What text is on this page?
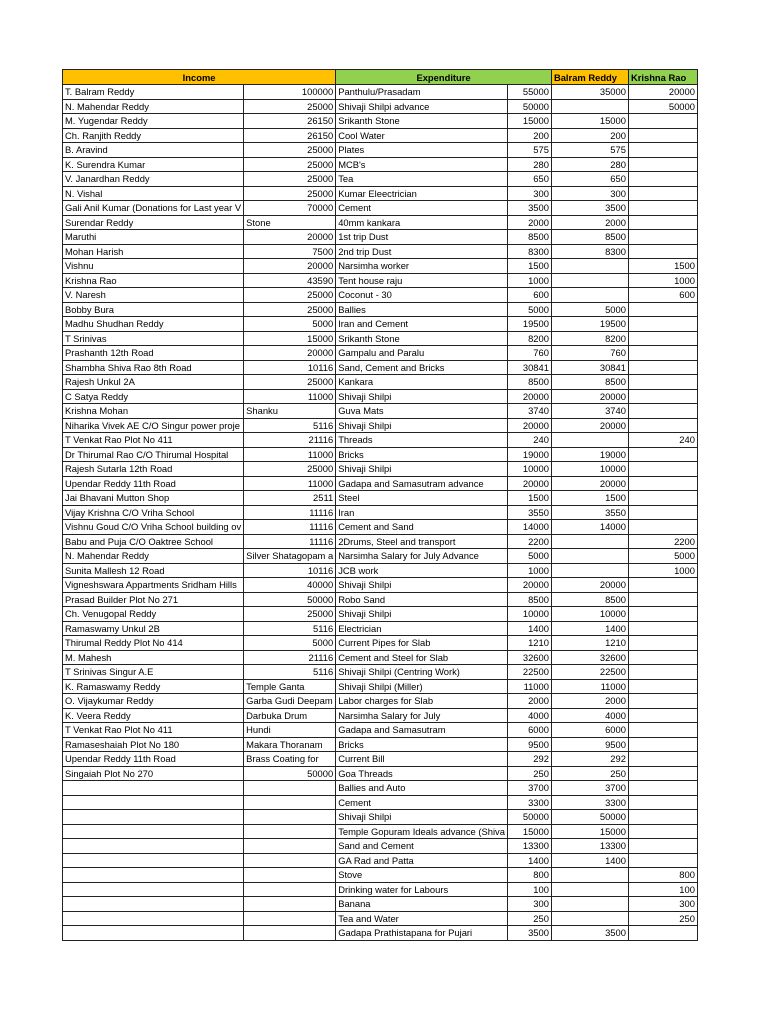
Income		Expenditure		Balram Reddy	Krishna Rao
T. Balram Reddy	100000	Panthulu/Prasadam	55000	35000	20000
N. Mahendar Reddy	25000	Shivaji Shilpi advance	50000		50000
M. Yugendar Reddy	26150	Srikanth Stone	15000	15000	
Ch. Ranjith Reddy	26150	Cool Water	200	200	
B. Aravind	25000	Plates	575	575	
K. Surendra Kumar	25000	MCB's	280	280	
V. Janardhan Reddy	25000	Tea	650	650	
N. Vishal	25000	Kumar Eleectrician	300	300	
Gali Anil Kumar (Donations for Last year V	70000	Cement	3500	3500	
Surendar Reddy	Stone	40mm kankara	2000	2000	
Maruthi	20000	1st trip Dust	8500	8500	
Mohan Harish	7500	2nd trip Dust	8300	8300	
Vishnu	20000	Narsimha worker	1500		1500
Krishna Rao	43590	Tent house raju	1000		1000
V. Naresh	25000	Coconut - 30	600		600
Bobby Bura	25000	Ballies	5000	5000	
Madhu Shudhan Reddy	5000	Iran and Cement	19500	19500	
T Srinivas	15000	Srikanth Stone	8200	8200	
Prashanth 12th Road	20000	Gampalu and Paralu	760	760	
Shambha Shiva Rao 8th Road	10116	Sand, Cement and Bricks	30841	30841	
Rajesh Unkul 2A	25000	Kankara	8500	8500	
C Satya Reddy	11000	Shivaji Shilpi	20000	20000	
Krishna Mohan	Shanku	Guva Mats	3740	3740	
Niharika Vivek AE C/O Singur power proje	5116	Shivaji Shilpi	20000	20000	
T Venkat Rao Plot No 411	21116	Threads	240		240
Dr Thirumal Rao C/O Thirumal Hospital	11000	Bricks	19000	19000	
Rajesh Sutarla 12th Road	25000	Shivaji Shilpi	10000	10000	
Upendar Reddy 11th Road	11000	Gadapa and Samasutram advance	20000	20000	
Jai Bhavani Mutton Shop	2511	Steel	1500	1500	
Vijay Krishna C/O Vriha School	11116	Iran	3550	3550	
Vishnu Goud C/O Vriha School building ov	11116	Cement and Sand	14000	14000	
Babu and Puja C/O Oaktree School	11116	2Drums, Steel and transport	2200		2200
N. Mahendar Reddy	Silver Shatagopam a	Narsimha Salary for July Advance	5000		5000
Sunita Mallesh 12 Road	10116	JCB work	1000		1000
Vigneshswara Appartments Sridham Hills	40000	Shivaji Shilpi	20000	20000	
Prasad Builder Plot No 271	50000	Robo Sand	8500	8500	
Ch. Venugopal Reddy	25000	Shivaji Shilpi	10000	10000	
Ramaswamy Unkul 2B	5116	Electrician	1400	1400	
Thirumal Reddy Plot No 414	5000	Current Pipes for Slab	1210	1210	
M. Mahesh	21116	Cement and Steel for Slab	32600	32600	
T Srinivas Singur A.E	5116	Shivaji Shilpi (Centring Work)	22500	22500	
K. Ramaswamy Reddy	Temple Ganta	Shivaji Shilpi (Miller)	11000	11000	
O. Vijaykumar Reddy	Garba Gudi Deepam	Labor charges for Slab	2000	2000	
K. Veera Reddy	Darbuka Drum	Narsimha Salary for July	4000	4000	
T Venkat Rao Plot No 411	Hundi	Gadapa and Samasutram	6000	6000	
Ramaseshaiah Plot No 180	Makara Thoranam	Bricks	9500	9500	
Upendar Reddy 11th Road	Brass Coating for	Current Bill	292	292	
Singaiah Plot No 270	50000	Goa Threads	250	250	
		Ballies and Auto	3700	3700	
		Cement	3300	3300	
		Shivaji Shilpi	50000	50000	
		Temple Gopuram Ideals advance (Shiva	15000	15000	
		Sand and Cement	13300	13300	
		GA Rad and Patta	1400	1400	
		Stove	800		800
		Drinking water for Labours	100		100
		Banana	300		300
		Tea and Water	250		250
		Gadapa Prathistapana for Pujari	3500	3500	
